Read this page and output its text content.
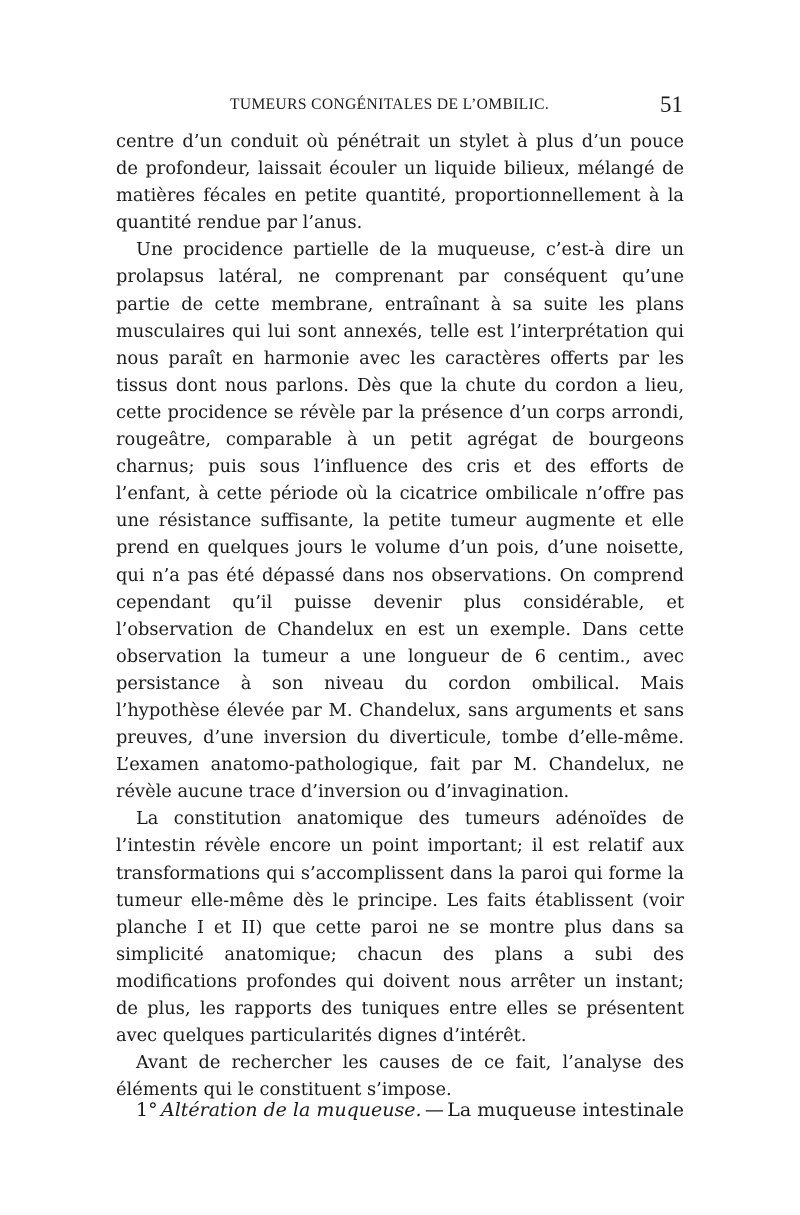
TUMEURS CONGÉNITALES DE L’OMBILIC.	51

centre d’un conduit où pénétrait un stylet à plus d’un pouce de profondeur, laissait écouler un liquide bilieux, mélangé de matières fécales en petite quantité, proportionnellement à la quantité rendue par l’anus.

Une procidence partielle de la muqueuse, c’est-à dire un prolapsus latéral, ne comprenant par conséquent qu’une partie de cette membrane, entraînant à sa suite les plans musculaires qui lui sont annexés, telle est l’interprétation qui nous paraît en harmonie avec les caractères offerts par les tissus dont nous parlons. Dès que la chute du cordon a lieu, cette procidence se révèle par la présence d’un corps arrondi, rougeâtre, comparable à un petit agrégat de bourgeons charnus; puis sous l’influence des cris et des efforts de l’enfant, à cette période où la cicatrice ombilicale n’offre pas une résistance suffisante, la petite tumeur augmente et elle prend en quelques jours le volume d’un pois, d’une noisette, qui n’a pas été dépassé dans nos observations. On comprend cependant qu’il puisse devenir plus considérable, et l’observation de Chandelux en est un exemple. Dans cette observation la tumeur a une longueur de 6 centim., avec persistance à son niveau du cordon ombilical. Mais l’hypothèse élevée par M. Chandelux, sans arguments et sans preuves, d’une inversion du diverticule, tombe d’elle-même. L’examen anatomo-pathologique, fait par M. Chandelux, ne révèle aucune trace d’inversion ou d’invagination.

La constitution anatomique des tumeurs adénoïdes de l’intestin révèle encore un point important; il est relatif aux transformations qui s’accomplissent dans la paroi qui forme la tumeur elle-même dès le principe. Les faits établissent (voir planche I et II) que cette paroi ne se montre plus dans sa simplicité anatomique; chacun des plans a subi des modifications profondes qui doivent nous arrêter un instant; de plus, les rapports des tuniques entre elles se présentent avec quelques particularités dignes d’intérêt.

Avant de rechercher les causes de ce fait, l’analyse des éléments qui le constituent s’impose.

1° Altération de la muqueuse. — La muqueuse intestinale
